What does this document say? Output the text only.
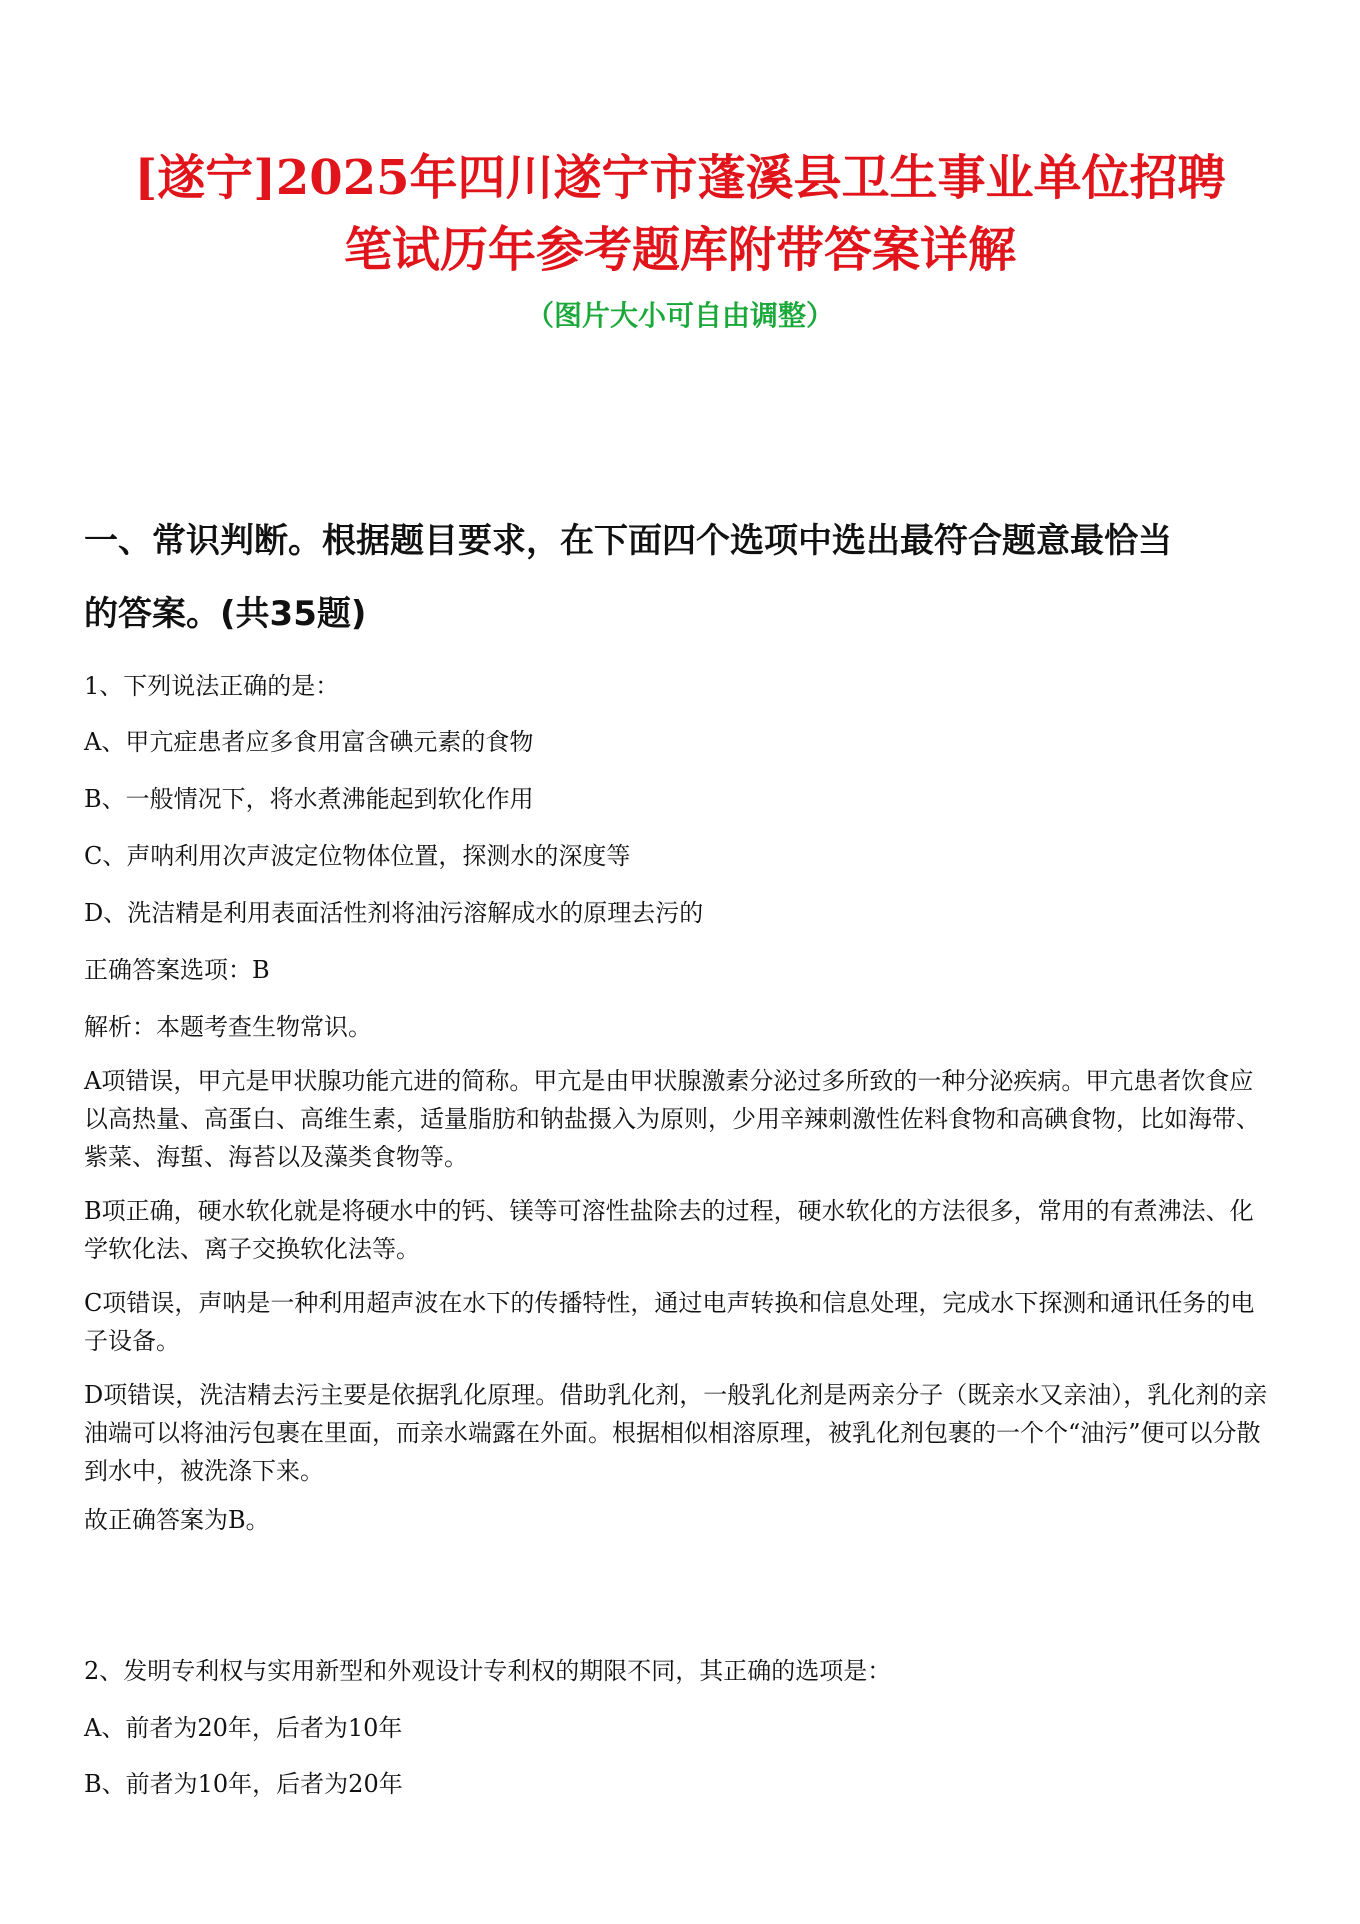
[遂宁]2025年四川遂宁市蓬溪县卫生事业单位招聘
笔试历年参考题库附带答案详解

（图片大小可自由调整）

一、常识判断。根据题目要求，在下面四个选项中选出最符合题意最恰当
的答案。(共35题)

1、下列说法正确的是：

A、甲亢症患者应多食用富含碘元素的食物

B、一般情况下，将水煮沸能起到软化作用

C、声呐利用次声波定位物体位置，探测水的深度等

D、洗洁精是利用表面活性剂将油污溶解成水的原理去污的

正确答案选项：B

解析：本题考查生物常识。

A项错误，甲亢是甲状腺功能亢进的简称。甲亢是由甲状腺激素分泌过多所致的一种分泌疾病。甲亢患者饮食应以高热量、高蛋白、高维生素，适量脂肪和钠盐摄入为原则，少用辛辣刺激性佐料食物和高碘食物，比如海带、紫菜、海蜇、海苔以及藻类食物等。

B项正确，硬水软化就是将硬水中的钙、镁等可溶性盐除去的过程，硬水软化的方法很多，常用的有煮沸法、化学软化法、离子交换软化法等。

C项错误，声呐是一种利用超声波在水下的传播特性，通过电声转换和信息处理，完成水下探测和通讯任务的电子设备。

D项错误，洗洁精去污主要是依据乳化原理。借助乳化剂，一般乳化剂是两亲分子（既亲水又亲油），乳化剂的亲油端可以将油污包裹在里面，而亲水端露在外面。根据相似相溶原理，被乳化剂包裹的一个个“油污”便可以分散到水中，被洗涤下来。

故正确答案为B。

2、发明专利权与实用新型和外观设计专利权的期限不同，其正确的选项是：

A、前者为20年，后者为10年

B、前者为10年，后者为20年
